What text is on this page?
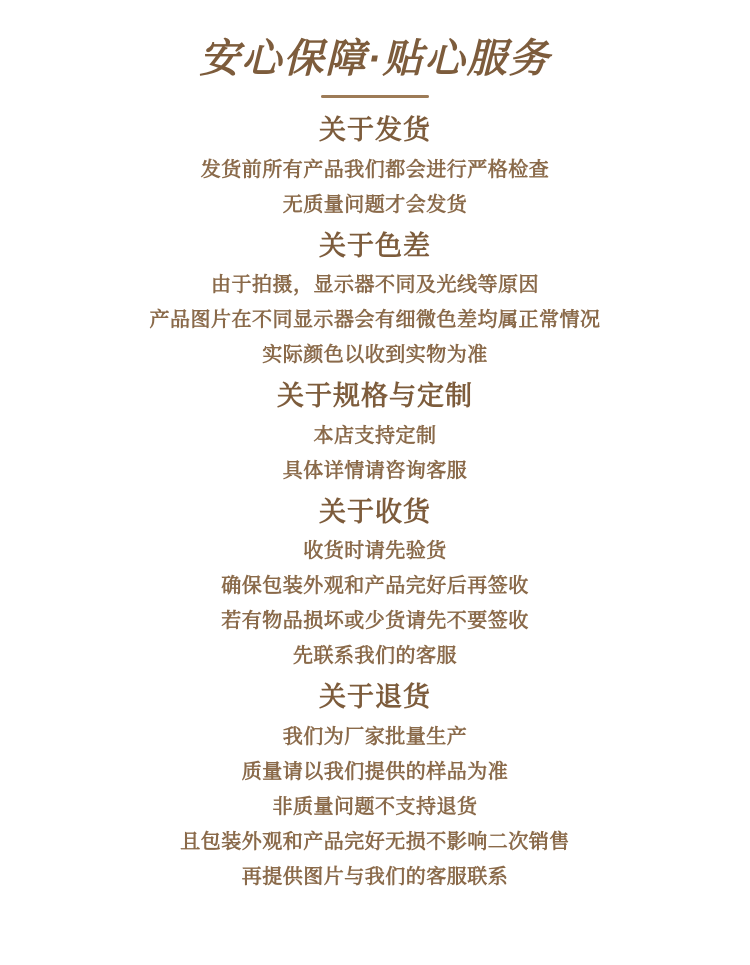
安心保障·贴心服务
关于发货
发货前所有产品我们都会进行严格检查
无质量问题才会发货
关于色差
由于拍摄，显示器不同及光线等原因
产品图片在不同显示器会有细微色差均属正常情况
实际颜色以收到实物为准
关于规格与定制
本店支持定制
具体详情请咨询客服
关于收货
收货时请先验货
确保包装外观和产品完好后再签收
若有物品损坏或少货请先不要签收
先联系我们的客服
关于退货
我们为厂家批量生产
质量请以我们提供的样品为准
非质量问题不支持退货
且包装外观和产品完好无损不影响二次销售
再提供图片与我们的客服联系
